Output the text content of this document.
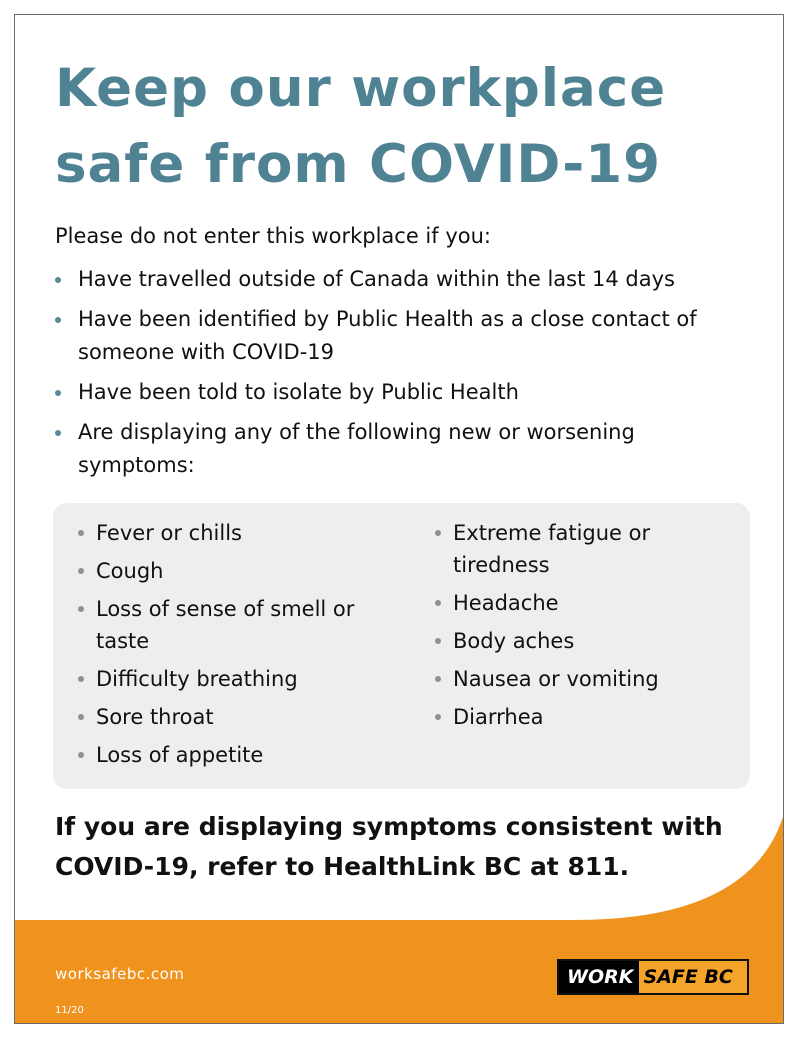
Keep our workplace safe from COVID-19

Please do not enter this workplace if you:

Have travelled outside of Canada within the last 14 days
Have been identified by Public Health as a close contact of someone with COVID-19
Have been told to isolate by Public Health
Are displaying any of the following new or worsening symptoms:
Fever or chills
Cough
Loss of sense of smell or taste
Difficulty breathing
Sore throat
Loss of appetite
Extreme fatigue or tiredness
Headache
Body aches
Nausea or vomiting
Diarrhea

If you are displaying symptoms consistent with COVID-19, refer to HealthLink BC at 811.

worksafebc.com
11/20
WORK SAFE BC
